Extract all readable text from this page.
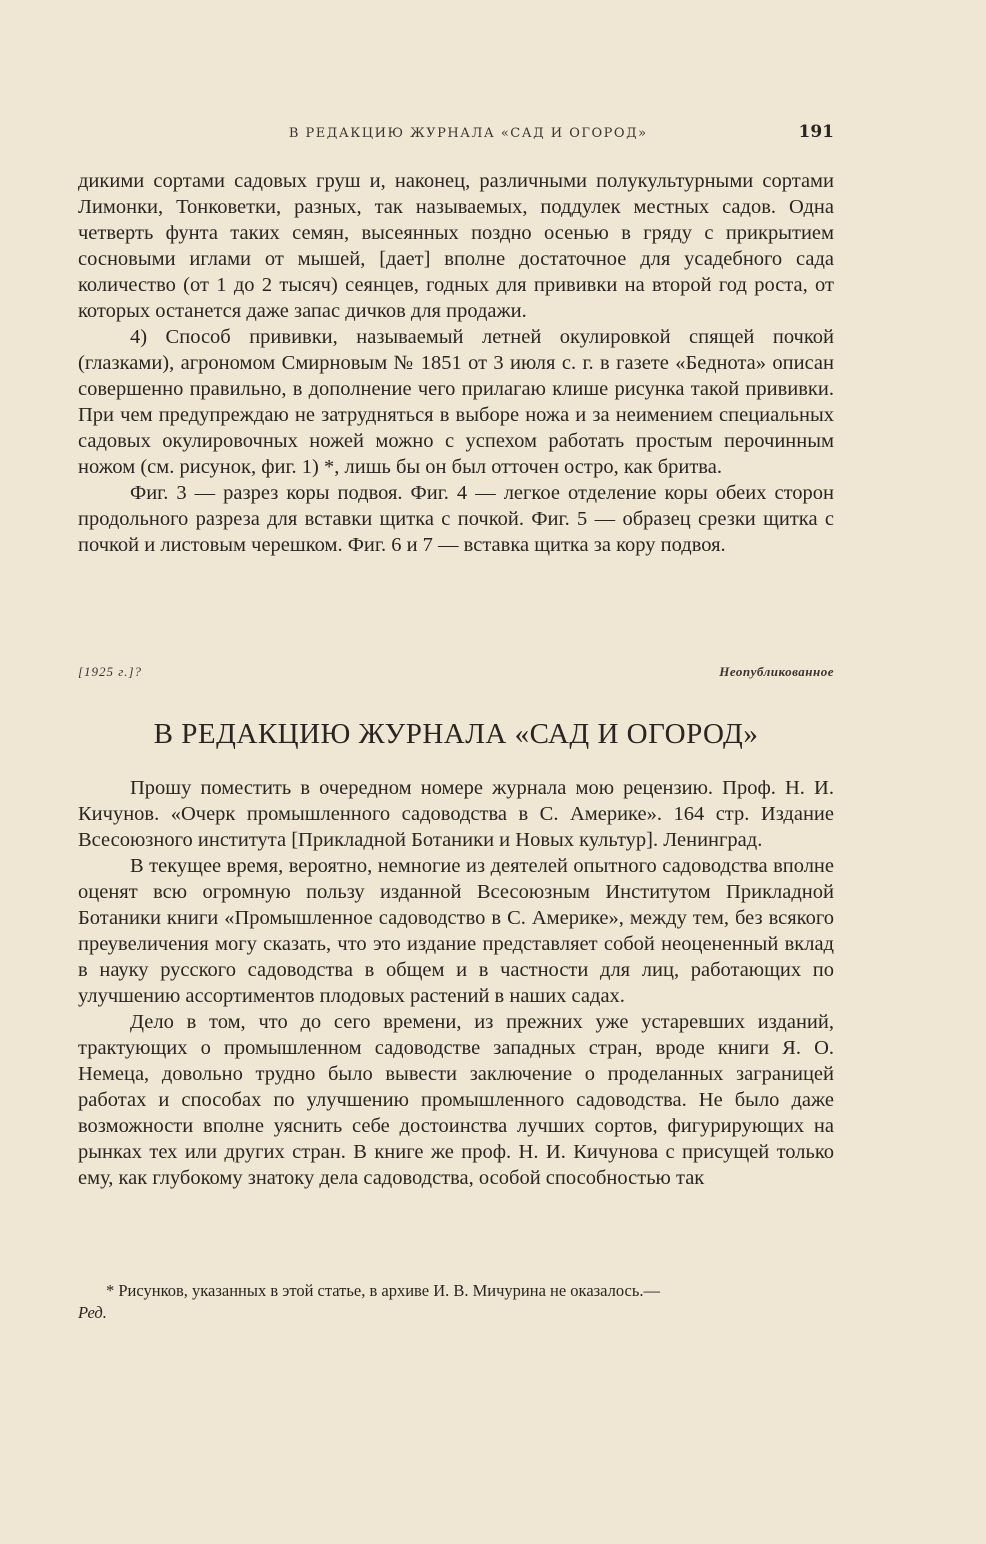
В РЕДАКЦИЮ ЖУРНАЛА «САД И ОГОРОД»	191

дикими сортами садовых груш и, наконец, различными полукультурными сортами Лимонки, Тонковетки, разных, так называемых, поддулек местных садов. Одна четверть фунта таких семян, высеянных поздно осенью в гряду с прикрытием сосновыми иглами от мышей, [дает] вполне достаточное для усадебного сада количество (от 1 до 2 тысяч) сеянцев, годных для прививки на второй год роста, от которых останется даже запас дичков для продажи.

4) Способ прививки, называемый летней окулировкой спящей почкой (глазками), агрономом Смирновым № 1851 от 3 июля с. г. в газете «Беднота» описан совершенно правильно, в дополнение чего прилагаю клише рисунка такой прививки. При чем предупреждаю не затрудняться в выборе ножа и за неимением специальных садовых окулировочных ножей можно с успехом работать простым перочинным ножом (см. рисунок, фиг. 1) *, лишь бы он был отточен остро, как бритва.

Фиг. 3 — разрез коры подвоя. Фиг. 4 — легкое отделение коры обеих сторон продольного разреза для вставки щитка с почкой. Фиг. 5 — образец срезки щитка с почкой и листовым черешком. Фиг. 6 и 7 — вставка щитка за кору подвоя.

[1925 г.]?	Неопубликованное
В РЕДАКЦИЮ ЖУРНАЛА «САД И ОГОРОД»

Прошу поместить в очередном номере журнала мою рецензию. Проф. Н. И. Кичунов. «Очерк промышленного садоводства в С. Америке». 164 стр. Издание Всесоюзного института [Прикладной Ботаники и Новых культур]. Ленинград.

В текущее время, вероятно, немногие из деятелей опытного садоводства вполне оценят всю огромную пользу изданной Всесоюзным Институтом Прикладной Ботаники книги «Промышленное садоводство в С. Америке», между тем, без всякого преувеличения могу сказать, что это издание представляет собой неоцененный вклад в науку русского садоводства в общем и в частности для лиц, работающих по улучшению ассортиментов плодовых растений в наших садах.

Дело в том, что до сего времени, из прежних уже устаревших изданий, трактующих о промышленном садоводстве западных стран, вроде книги Я. О. Немеца, довольно трудно было вывести заключение о проделанных заграницей работах и способах по улучшению промышленного садоводства. Не было даже возможности вполне уяснить себе достоинства лучших сортов, фигурирующих на рынках тех или других стран. В книге же проф. Н. И. Кичунова с присущей только ему, как глубокому знатоку дела садоводства, особой способностью так

* Рисунков, указанных в этой статье, в архиве И. В. Мичурина не оказалось.—

Ред.
